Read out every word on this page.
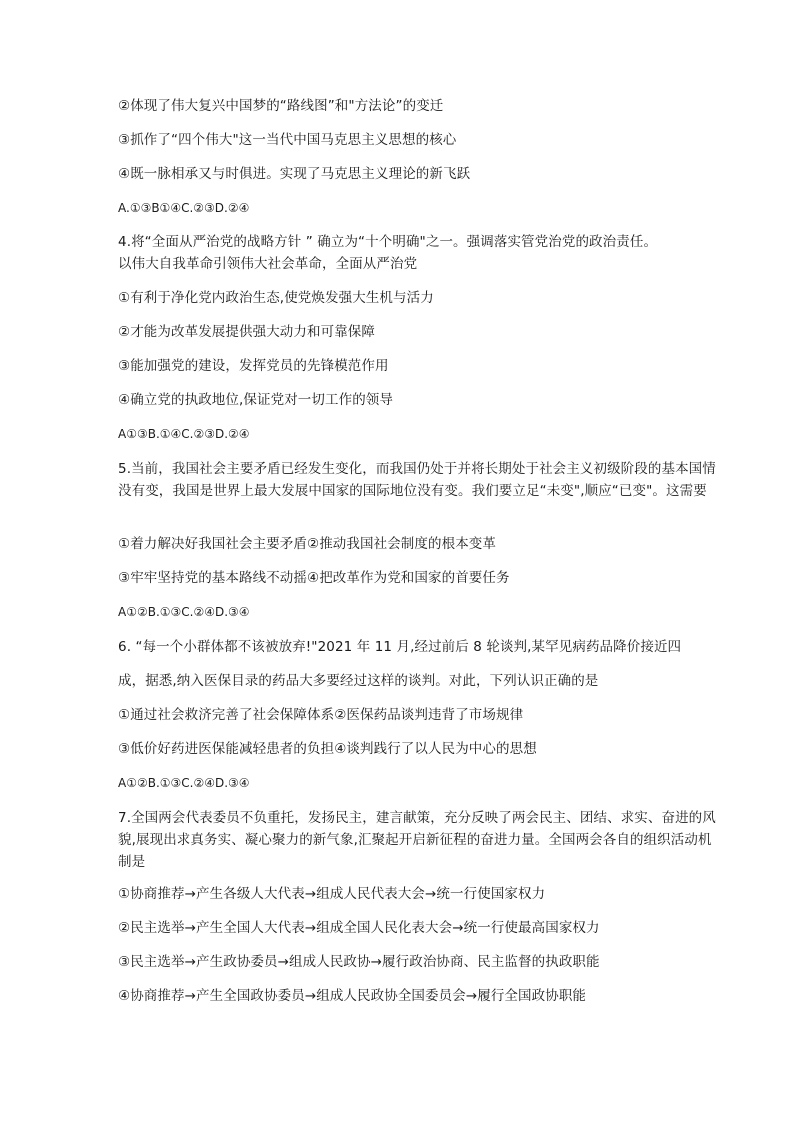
②体现了伟大复兴中国梦的“路线图”和"方法论”的变迁
③抓作了“四个伟大"这一当代中国马克思主义思想的核心
④既一脉相承又与时俱进。实现了马克思主义理论的新飞跃
A.①③B①④C.②③D.②④
4.将“全面从严治党的战略方针 ” 确立为“十个明确"之一。强调落实管党治党的政治责任。
以伟大自我革命引领伟大社会革命，全面从严治党
①有利于净化党内政治生态,使党焕发强大生机与活力
②才能为改革发展提供强大动力和可靠保障
③能加强党的建设，发挥党员的先锋模范作用
④确立党的执政地位,保证党对一切工作的领导
A①③B.①④C.②③D.②④
5.当前，我国社会主要矛盾已经发生变化，而我国仍处于并将长期处于社会主义初级阶段的基本国情没有变，我国是世界上最大发展中国家的国际地位没有变。我们要立足“未变",顺应“已变"。这需要
①着力解决好我国社会主要矛盾②推动我国社会制度的根本变革
③牢牢坚持党的基本路线不动摇④把改革作为党和国家的首要任务
A①②B.①③C.②④D.③④
6. “每一个小群体都不该被放弃!"2021 年 11 月,经过前后 8 轮谈判,某罕见病药品降价接近四
成，据悉,纳入医保目录的药品大多要经过这样的谈判。对此，下列认识正确的是
①通过社会救济完善了社会保障体系②医保药品谈判违背了市场规律
③低价好药进医保能减轻患者的负担④谈判践行了以人民为中心的思想
A①②B.①③C.②④D.③④
7.全国两会代表委员不负重托，发扬民主，建言献策，充分反映了两会民主、团结、求实、奋进的风貌,展现出求真务实、凝心聚力的新气象,汇聚起开启新征程的奋进力量。全国两会各自的组织活动机制是
①协商推荐→产生各级人大代表→组成人民代表大会→统一行使国家权力
②民主选举→产生全国人大代表→组成全国人民化表大会→统一行使最高国家权力
③民主选举→产生政协委员→组成人民政协→履行政治协商、民主监督的执政职能
④协商推荐→产生全国政协委员→组成人民政协全国委员会→履行全国政协职能
